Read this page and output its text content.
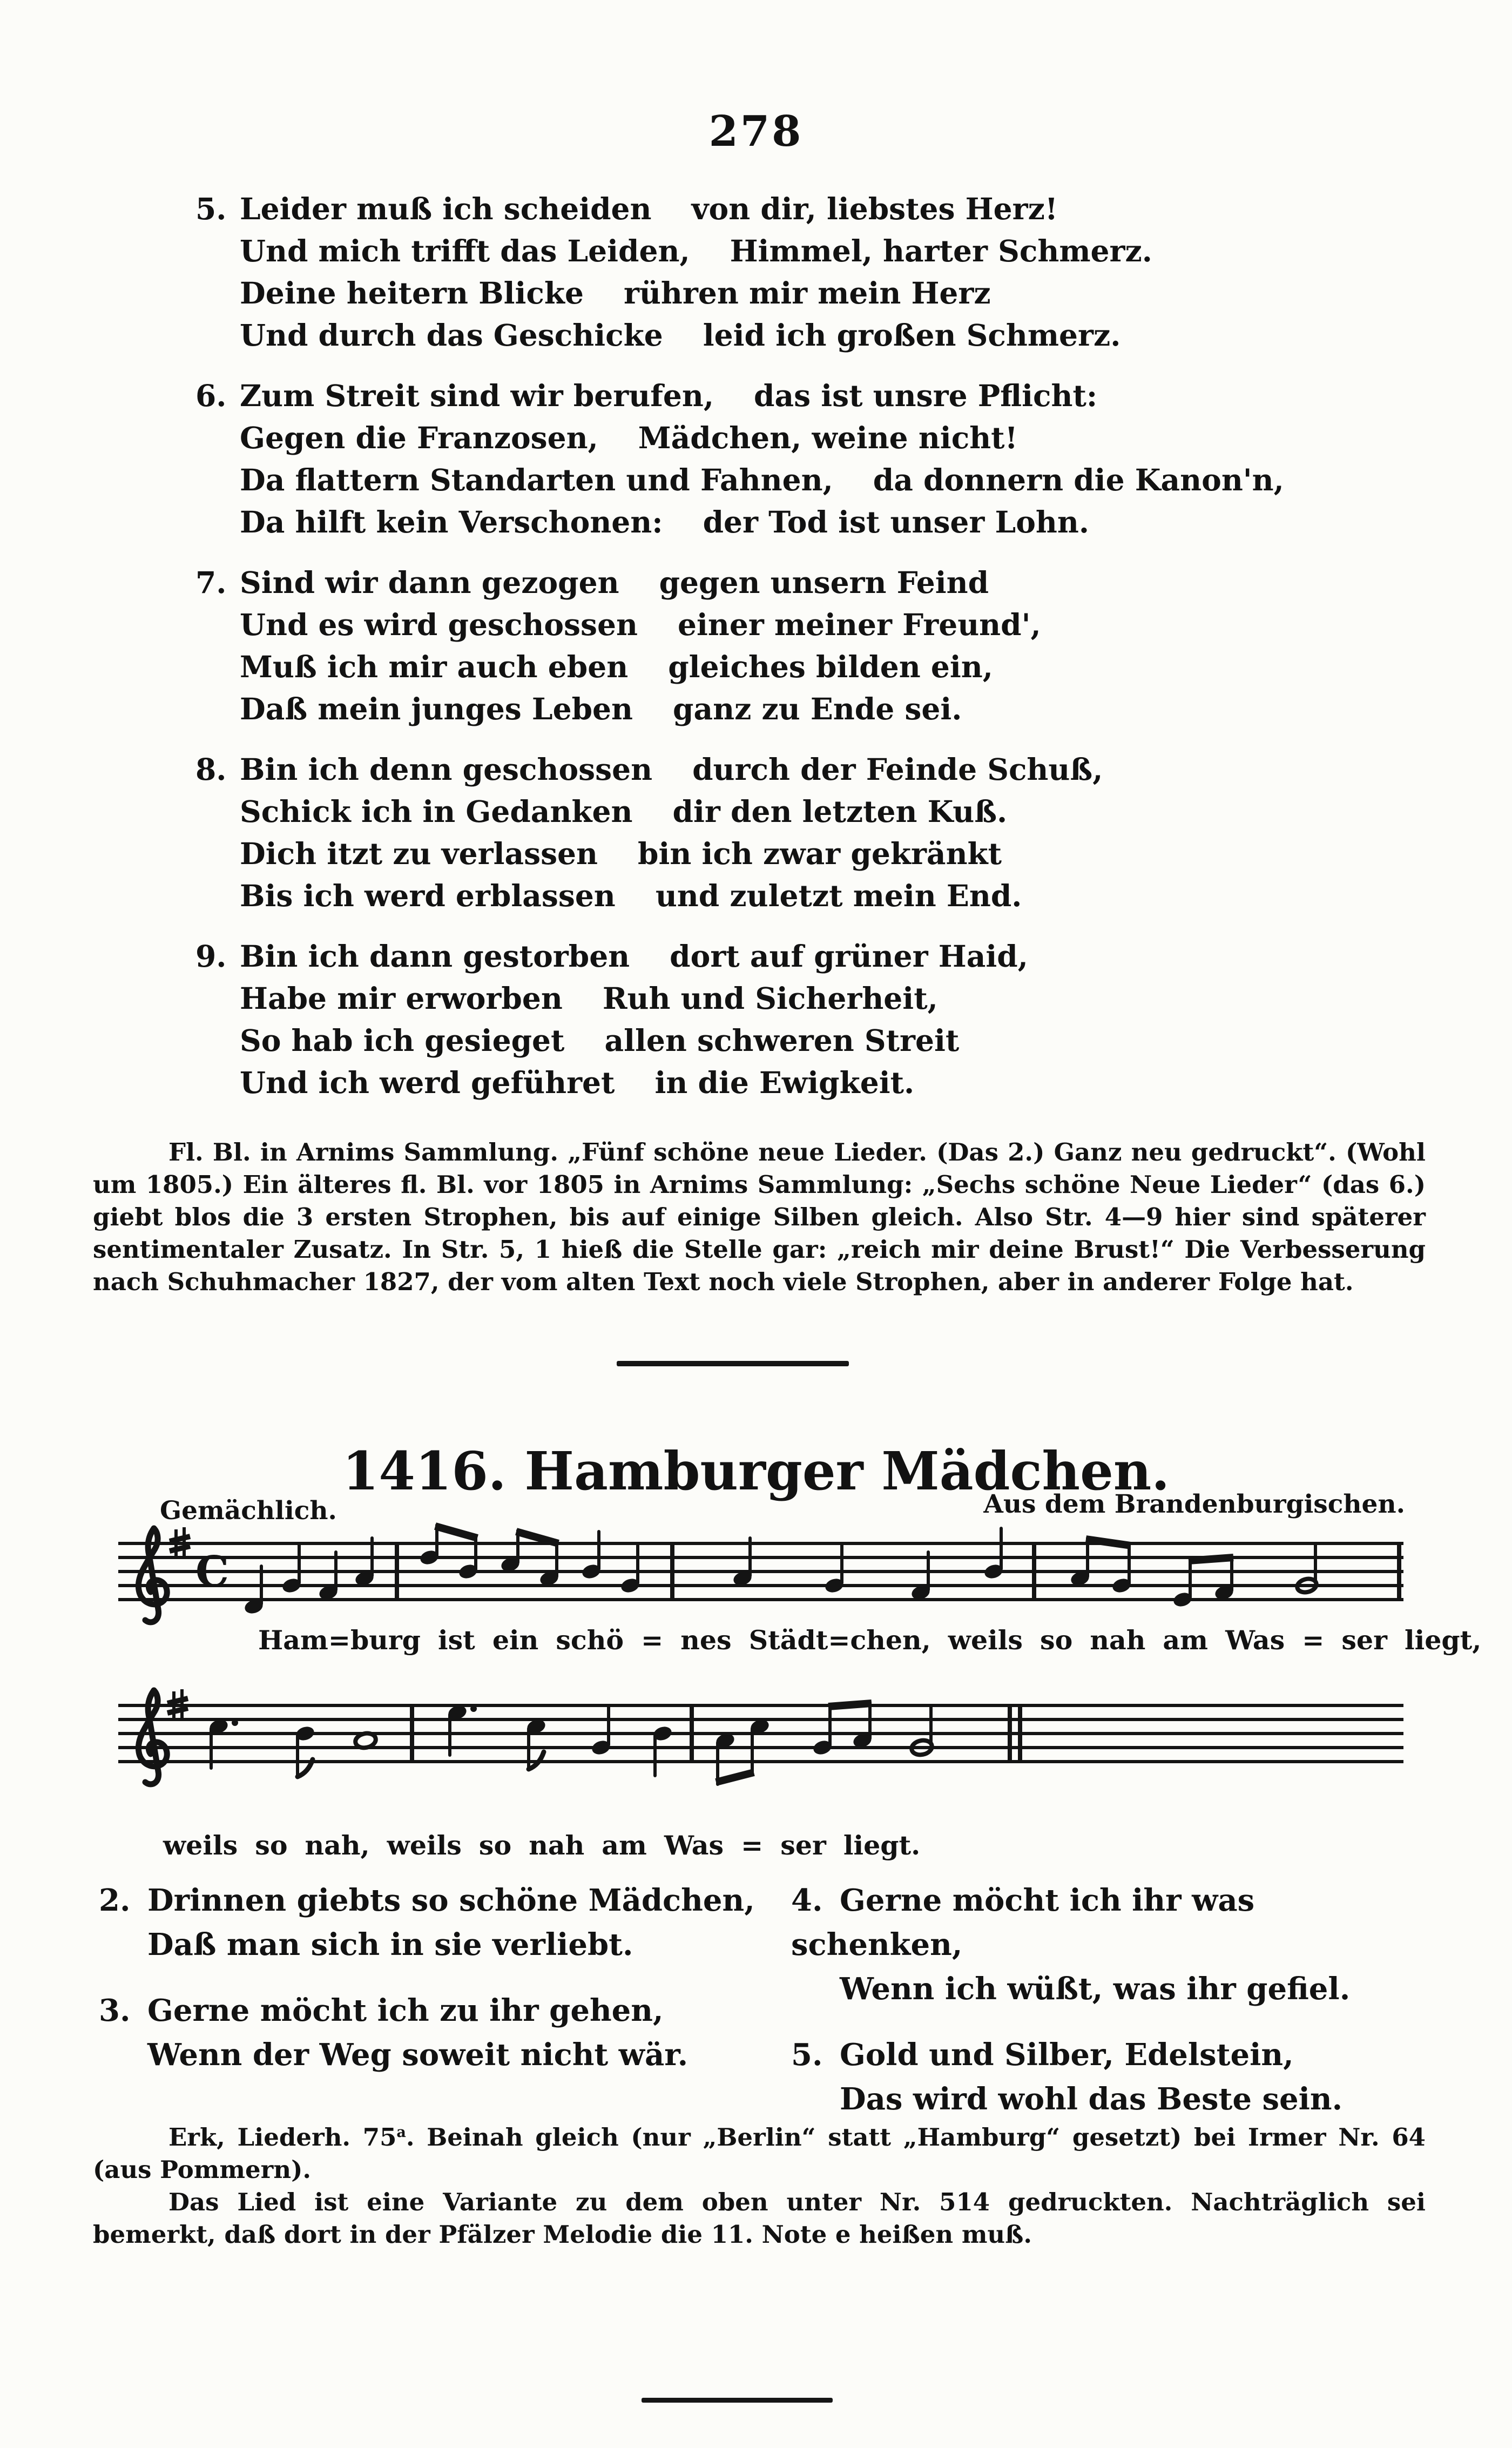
278
5. Leider muß ich scheiden von dir, liebstes Herz!
Und mich trifft das Leiden, Himmel, harter Schmerz.
Deine heitern Blicke rühren mir mein Herz
Und durch das Geschicke leid ich großen Schmerz.
6. Zum Streit sind wir berufen, das ist unsre Pflicht:
Gegen die Franzosen, Mädchen, weine nicht!
Da flattern Standarten und Fahnen, da donnern die Kanon'n,
Da hilft kein Verschonen: der Tod ist unser Lohn.
7. Sind wir dann gezogen gegen unsern Feind
Und es wird geschossen einer meiner Freund',
Muß ich mir auch eben gleiches bilden ein,
Daß mein junges Leben ganz zu Ende sei.
8. Bin ich denn geschossen durch der Feinde Schuß,
Schick ich in Gedanken dir den letzten Kuß.
Dich itzt zu verlassen bin ich zwar gekränkt
Bis ich werd erblassen und zuletzt mein End.
9. Bin ich dann gestorben dort auf grüner Haid,
Habe mir erworben Ruh und Sicherheit,
So hab ich gesieget allen schweren Streit
Und ich werd geführet in die Ewigkeit.

Fl. Bl. in Arnims Sammlung. „Fünf schöne neue Lieder. (Das 2.) Ganz neu gedruckt“. (Wohl um 1805.) Ein älteres fl. Bl. vor 1805 in Arnims Sammlung: „Sechs schöne Neue Lieder“ (das 6.) giebt blos die 3 ersten Strophen, bis auf einige Silben gleich. Also Str. 4—9 hier sind späterer sentimentaler Zusatz. In Str. 5, 1 hieß die Stelle gar: „reich mir deine Brust!“ Die Verbesserung nach Schuhmacher 1827, der vom alten Text noch viele Strophen, aber in anderer Folge hat.

1416. Hamburger Mädchen.
Gemächlich.	Aus dem Brandenburgischen.
C
Ham=burg ist ein schö = nes Städt=chen, weils so nah am Was = ser liegt,
weils so nah, weils so nah am Was = ser liegt.
2. Drinnen giebts so schöne Mädchen,
Daß man sich in sie verliebt.
3. Gerne möcht ich zu ihr gehen,
Wenn der Weg soweit nicht wär.
4. Gerne möcht ich ihr was schenken,
Wenn ich wüßt, was ihr gefiel.
5. Gold und Silber, Edelstein,
Das wird wohl das Beste sein.

Erk, Liederh. 75$^a$. Beinah gleich (nur „Berlin“ statt „Hamburg“ gesetzt) bei Irmer Nr. 64 (aus Pommern).

Das Lied ist eine Variante zu dem oben unter Nr. 514 gedruckten. Nachträglich sei bemerkt, daß dort in der Pfälzer Melodie die 11. Note e heißen muß.
